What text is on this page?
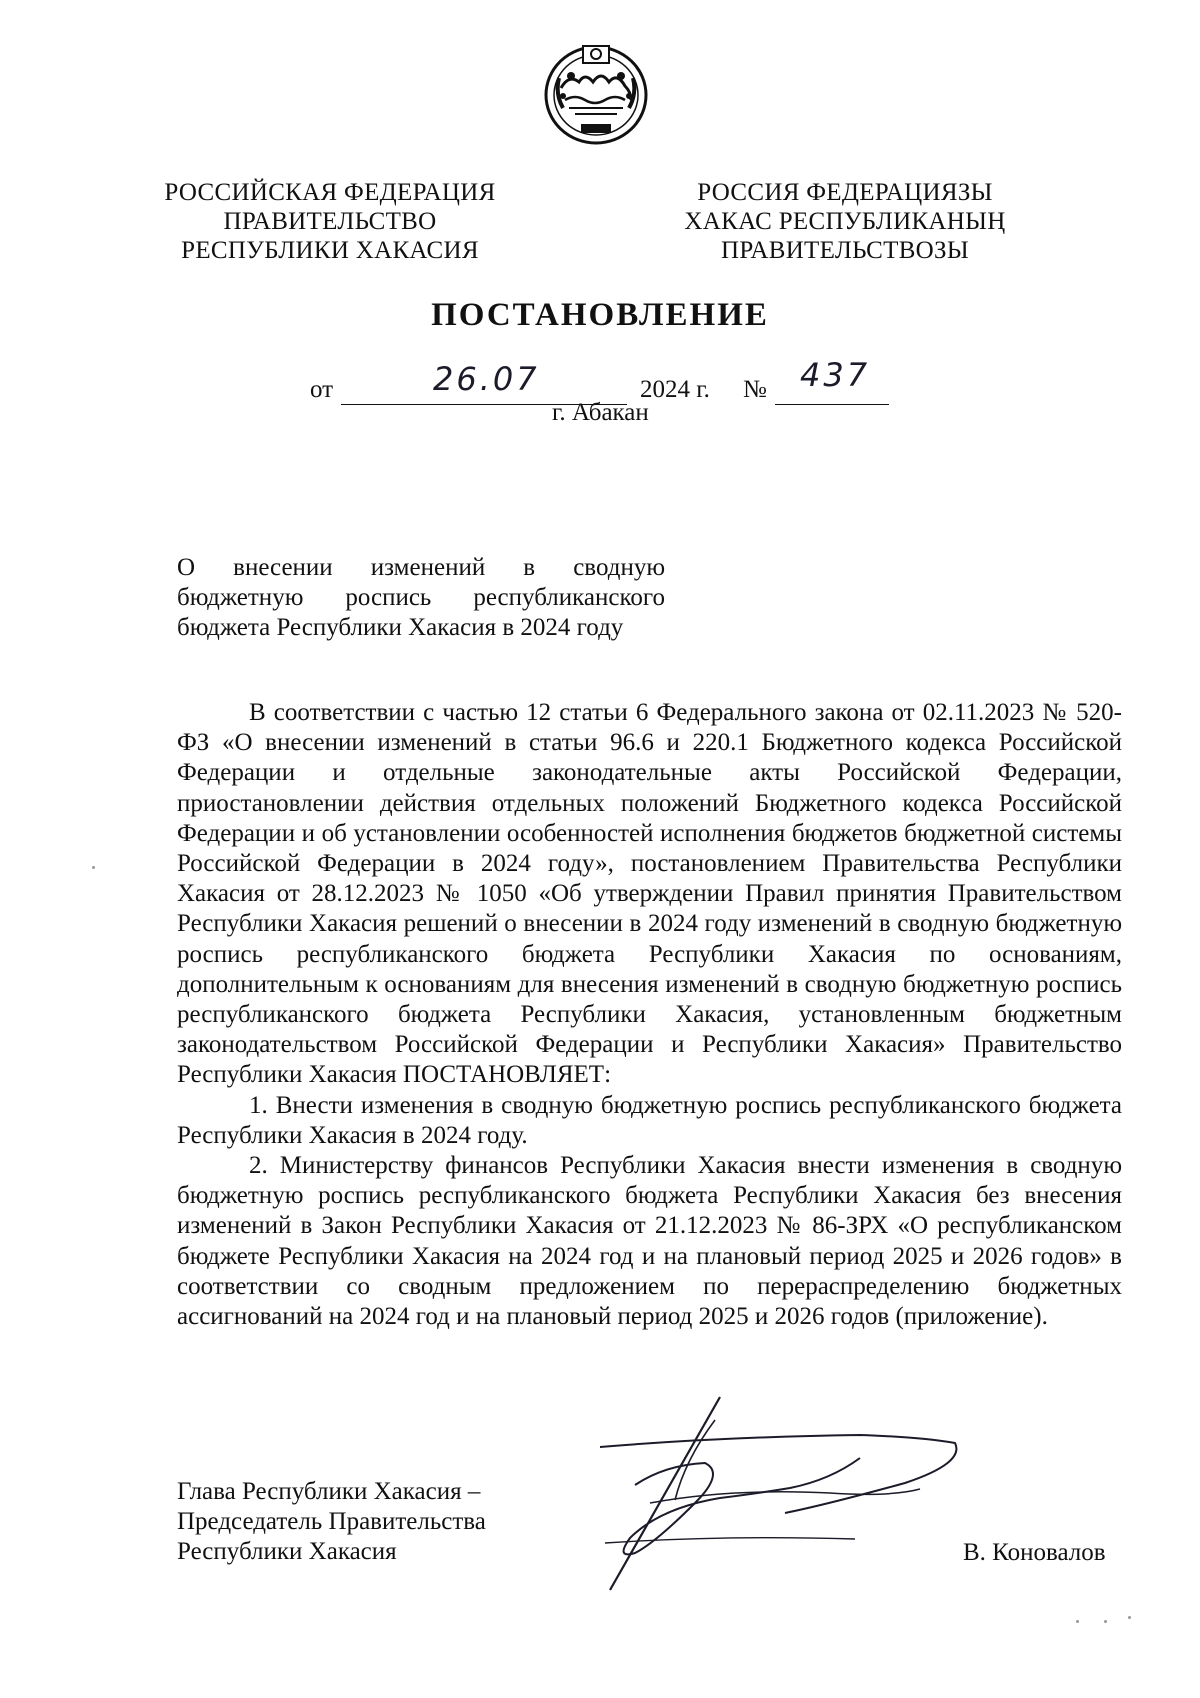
РОССИЙСКАЯ ФЕДЕРАЦИЯ
ПРАВИТЕЛЬСТВО
РЕСПУБЛИКИ ХАКАСИЯ
РОССИЯ ФЕДЕРАЦИЯЗЫ
ХАКАС РЕСПУБЛИКАНЫҢ
ПРАВИТЕЛЬСТВОЗЫ
ПОСТАНОВЛЕНИЕ
от	26.07	2024 г. № 437
г. Абакан
О внесении изменений в сводную
бюджетную роспись республиканского
бюджета Республики Хакасия в 2024 году

В соответствии с частью 12 статьи 6 Федерального закона от 02.11.2023 № 520-ФЗ «О внесении изменений в статьи 96.6 и 220.1 Бюджетного кодекса Российской Федерации и отдельные законодательные акты Российской Федерации, приостановлении действия отдельных положений Бюджетного кодекса Российской Федерации и об установлении особенностей исполнения бюджетов бюджетной системы Российской Федерации в 2024 году», постановлением Правительства Республики Хакасия от 28.12.2023 № 1050 «Об утверждении Правил принятия Правительством Республики Хакасия решений о внесении в 2024 году изменений в сводную бюджетную роспись республиканского бюджета Республики Хакасия по основаниям, дополнительным к основаниям для внесения изменений в сводную бюджетную роспись республиканского бюджета Республики Хакасия, установленным бюджетным законодательством Российской Федерации и Республики Хакасия» Правительство Республики Хакасия ПОСТАНОВЛЯЕТ:

1. Внести изменения в сводную бюджетную роспись республиканского бюджета Республики Хакасия в 2024 году.

2. Министерству финансов Республики Хакасия внести изменения в сводную бюджетную роспись республиканского бюджета Республики Хакасия без внесения изменений в Закон Республики Хакасия от 21.12.2023 № 86-ЗРХ «О республиканском бюджете Республики Хакасия на 2024 год и на плановый период 2025 и 2026 годов» в соответствии со сводным предложением по перераспределению бюджетных ассигнований на 2024 год и на плановый период 2025 и 2026 годов (приложение).

Глава Республики Хакасия –
Председатель Правительства
Республики Хакасия	В. Коновалов
